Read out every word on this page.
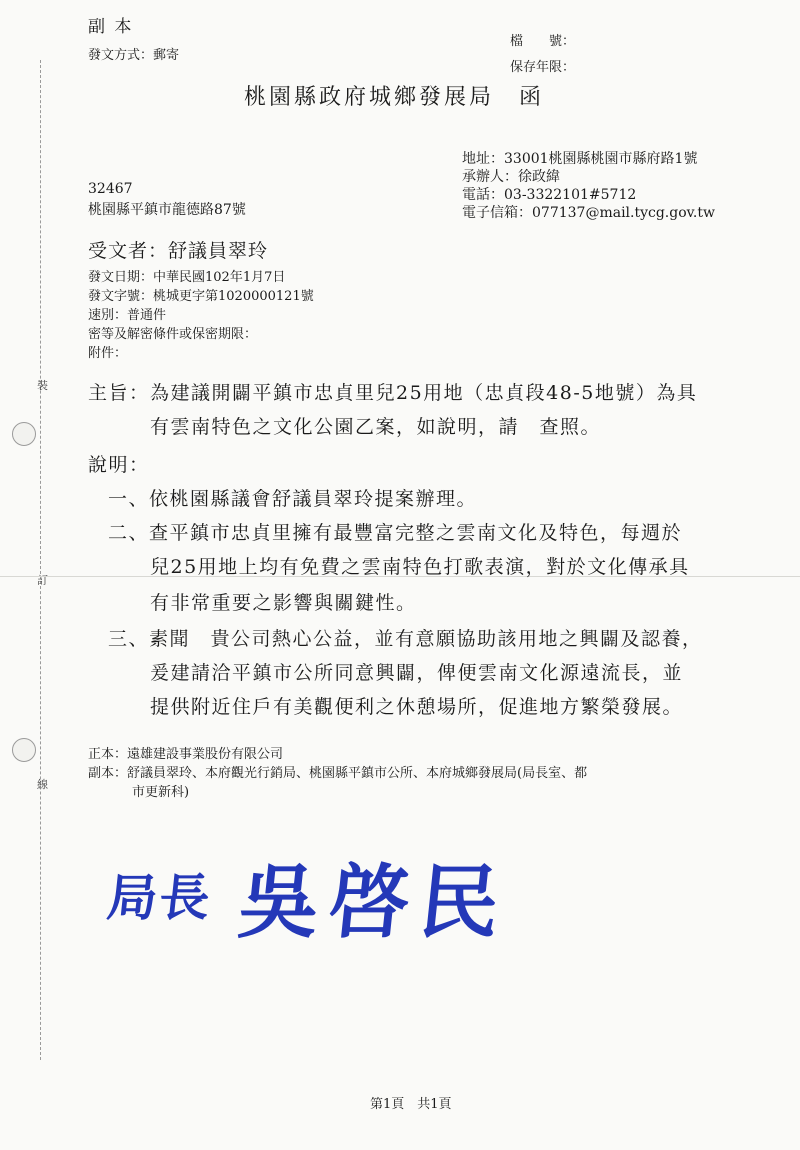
裝
訂
線
副 本
發文方式：郵寄
檔　　號：
保存年限：
桃園縣政府城鄉發展局　函
地址：33001桃園縣桃園市縣府路1號
承辦人：徐政緯
電話：03-3322101#5712
電子信箱：077137@mail.tycg.gov.tw
32467
桃園縣平鎮市龍德路87號
受文者：舒議員翠玲
發文日期：中華民國102年1月7日
發文字號：桃城更字第1020000121號
速別：普通件
密等及解密條件或保密期限：
附件：
主旨： 為建議開闢平鎮市忠貞里兒25用地（忠貞段48-5地號）為具
有雲南特色之文化公園乙案，如說明，請　查照。
說明：
一、依桃園縣議會舒議員翠玲提案辦理。
二、查平鎮市忠貞里擁有最豐富完整之雲南文化及特色，每週於
兒25用地上均有免費之雲南特色打歌表演，對於文化傳承具
有非常重要之影響與關鍵性。
三、素聞　貴公司熱心公益，並有意願協助該用地之興闢及認養，
爰建請洽平鎮市公所同意興闢，俾便雲南文化源遠流長，並
提供附近住戶有美觀便利之休憩場所，促進地方繁榮發展。
正本：遠雄建設事業股份有限公司
副本：舒議員翠玲、本府觀光行銷局、桃園縣平鎮市公所、本府城鄉發展局(局長室、都
市更新科)
局長 吳啓民
第1頁　共1頁
